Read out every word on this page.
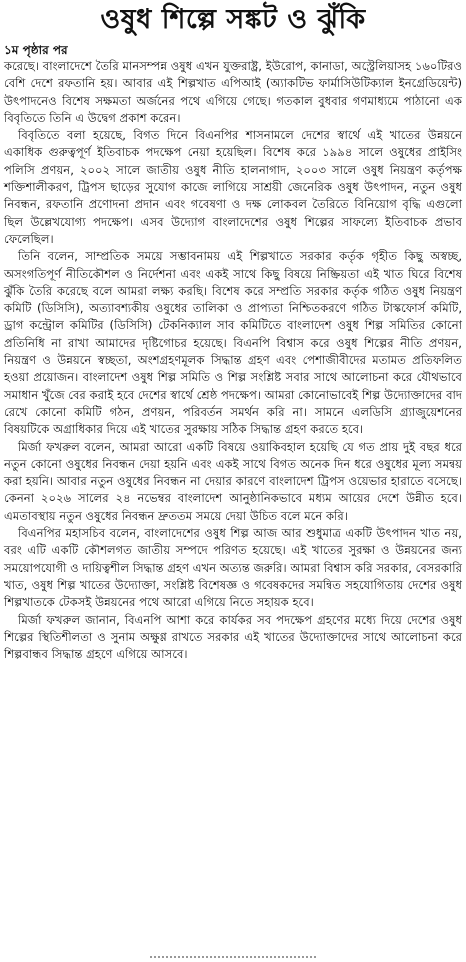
ওষুধ শিল্পে সঙ্কট ও ঝুঁকি
১ম পৃষ্ঠার পর

করেছে। বাংলাদেশে তৈরি মানসম্পন্ন ওষুধ এখন যুক্তরাষ্ট্র, ইউরোপ, কানাডা, অস্ট্রেলিয়াসহ ১৬০টিরও বেশি দেশে রফতানি হয়। আবার এই শিল্পখাত এপিআই (অ্যাকটিভ ফার্মাসিউটিক্যাল ইনগ্রেডিয়েন্ট) উৎপাদনেও বিশেষ সক্ষমতা অর্জনের পথে এগিয়ে গেছে। গতকাল বুধবার গণমাধ্যমে পাঠানো এক বিবৃতিতে তিনি এ উদ্বেগ প্রকাশ করেন।

বিবৃতিতে বলা হয়েছে, বিগত দিনে বিএনপির শাসনামলে দেশের স্বার্থে এই খাতের উন্নয়নে একাধিক গুরুত্বপূর্ণ ইতিবাচক পদক্ষেপ নেয়া হয়েছিল। বিশেষ করে ১৯৯৪ সালে ওষুধের প্রাইসিং পলিসি প্রণয়ন, ২০০২ সালে জাতীয় ওষুধ নীতি হালনাগাদ, ২০০৩ সালে ওষুধ নিয়ন্ত্রণ কর্তৃপক্ষ শক্তিশালীকরণ, ট্রিপস ছাড়ের সুযোগ কাজে লাগিয়ে সাশ্রয়ী জেনেরিক ওষুধ উৎপাদন, নতুন ওষুধ নিবন্ধন, রফতানি প্রণোদনা প্রদান এবং গবেষণা ও দক্ষ লোকবল তৈরিতে বিনিয়োগ বৃদ্ধি এগুলো ছিল উল্লেখযোগ্য পদক্ষেপ। এসব উদ্যোগ বাংলাদেশের ওষুধ শিল্পের সাফল্যে ইতিবাচক প্রভাব ফেলেছিল।

তিনি বলেন, সাম্প্রতিক সময়ে সম্ভাবনাময় এই শিল্পখাতে সরকার কর্তৃক গৃহীত কিছু অস্বচ্ছ, অসংগতিপূর্ণ নীতিকৌশল ও নির্দেশনা এবং একই সাথে কিছু বিষয়ে নিষ্ক্রিয়তা এই খাত ঘিরে বিশেষ ঝুঁকি তৈরি করেছে বলে আমরা লক্ষ্য করছি। বিশেষ করে সম্প্রতি সরকার কর্তৃক গঠিত ওষুধ নিয়ন্ত্রণ কমিটি (ডিসিসি), অত্যাবশ্যকীয় ওষুধের তালিকা ও প্রাপ্যতা নিশ্চিতকরণে গঠিত টাস্কফোর্স কমিটি, ড্রাগ কন্ট্রোল কমিটির (ডিসিসি) টেকনিক্যাল সাব কমিটিতে বাংলাদেশ ওষুধ শিল্প সমিতির কোনো প্রতিনিধি না রাখা আমাদের দৃষ্টিগোচর হয়েছে। বিএনপি বিশ্বাস করে ওষুধ শিল্পের নীতি প্রণয়ন, নিয়ন্ত্রণ ও উন্নয়নে স্বচ্ছতা, অংশগ্রহণমূলক সিদ্ধান্ত গ্রহণ এবং পেশাজীবীদের মতামত প্রতিফলিত হওয়া প্রয়োজন। বাংলাদেশ ওষুধ শিল্প সমিতি ও শিল্প সংশ্লিষ্ট সবার সাথে আলোচনা করে যৌথভাবে সমাধান খুঁজে বের করাই হবে দেশের স্বার্থে শ্রেষ্ঠ পদক্ষেপ। আমরা কোনোভাবেই শিল্প উদ্যোক্তাদের বাদ রেখে কোনো কমিটি গঠন, প্রণয়ন, পরিবর্তন সমর্থন করি না। সামনে এলডিসি গ্র্যাজুয়েশনের বিষয়টিকে অগ্রাধিকার দিয়ে এই খাতের সুরক্ষায় সঠিক সিদ্ধান্ত গ্রহণ করতে হবে।

মির্জা ফখরুল বলেন, আমরা আরো একটি বিষয়ে ওয়াকিবহাল হয়েছি যে গত প্রায় দুই বছর ধরে নতুন কোনো ওষুধের নিবন্ধন দেয়া হয়নি এবং একই সাথে বিগত অনেক দিন ধরে ওষুধের মূল্য সমন্বয় করা হয়নি। আবার নতুন ওষুধের নিবন্ধন না দেয়ার কারণে বাংলাদেশ ট্রিপস ওয়েভার হারাতে বসেছে। কেননা ২০২৬ সালের ২৪ নভেম্বর বাংলাদেশ আনুষ্ঠানিকভাবে মধ্যম আয়ের দেশে উন্নীত হবে। এমতাবস্থায় নতুন ওষুধের নিবন্ধন দ্রুততম সময়ে দেয়া উচিত বলে মনে করি।

বিএনপির মহাসচিব বলেন, বাংলাদেশের ওষুধ শিল্প আজ আর শুধুমাত্র একটি উৎপাদন খাত নয়, বরং এটি একটি কৌশলগত জাতীয় সম্পদে পরিণত হয়েছে। এই খাতের সুরক্ষা ও উন্নয়নের জন্য সময়োপযোগী ও দায়িত্বশীল সিদ্ধান্ত গ্রহণ এখন অত্যন্ত জরুরি। আমরা বিশ্বাস করি সরকার, বেসরকারি খাত, ওষুধ শিল্প খাতের উদ্যোক্তা, সংশ্লিষ্ট বিশেষজ্ঞ ও গবেষকদের সমন্বিত সহযোগিতায় দেশের ওষুধ শিল্পখাতকে টেকসই উন্নয়নের পথে আরো এগিয়ে নিতে সহায়ক হবে।

মির্জা ফখরুল জানান, বিএনপি আশা করে কার্যকর সব পদক্ষেপ গ্রহণের মধ্যে দিয়ে দেশের ওষুধ শিল্পের স্থিতিশীলতা ও সুনাম অক্ষুণ্ণ রাখতে সরকার এই খাতের উদ্যোক্তাদের সাথে আলোচনা করে শিল্পবান্ধব সিদ্ধান্ত গ্রহণে এগিয়ে আসবে।
